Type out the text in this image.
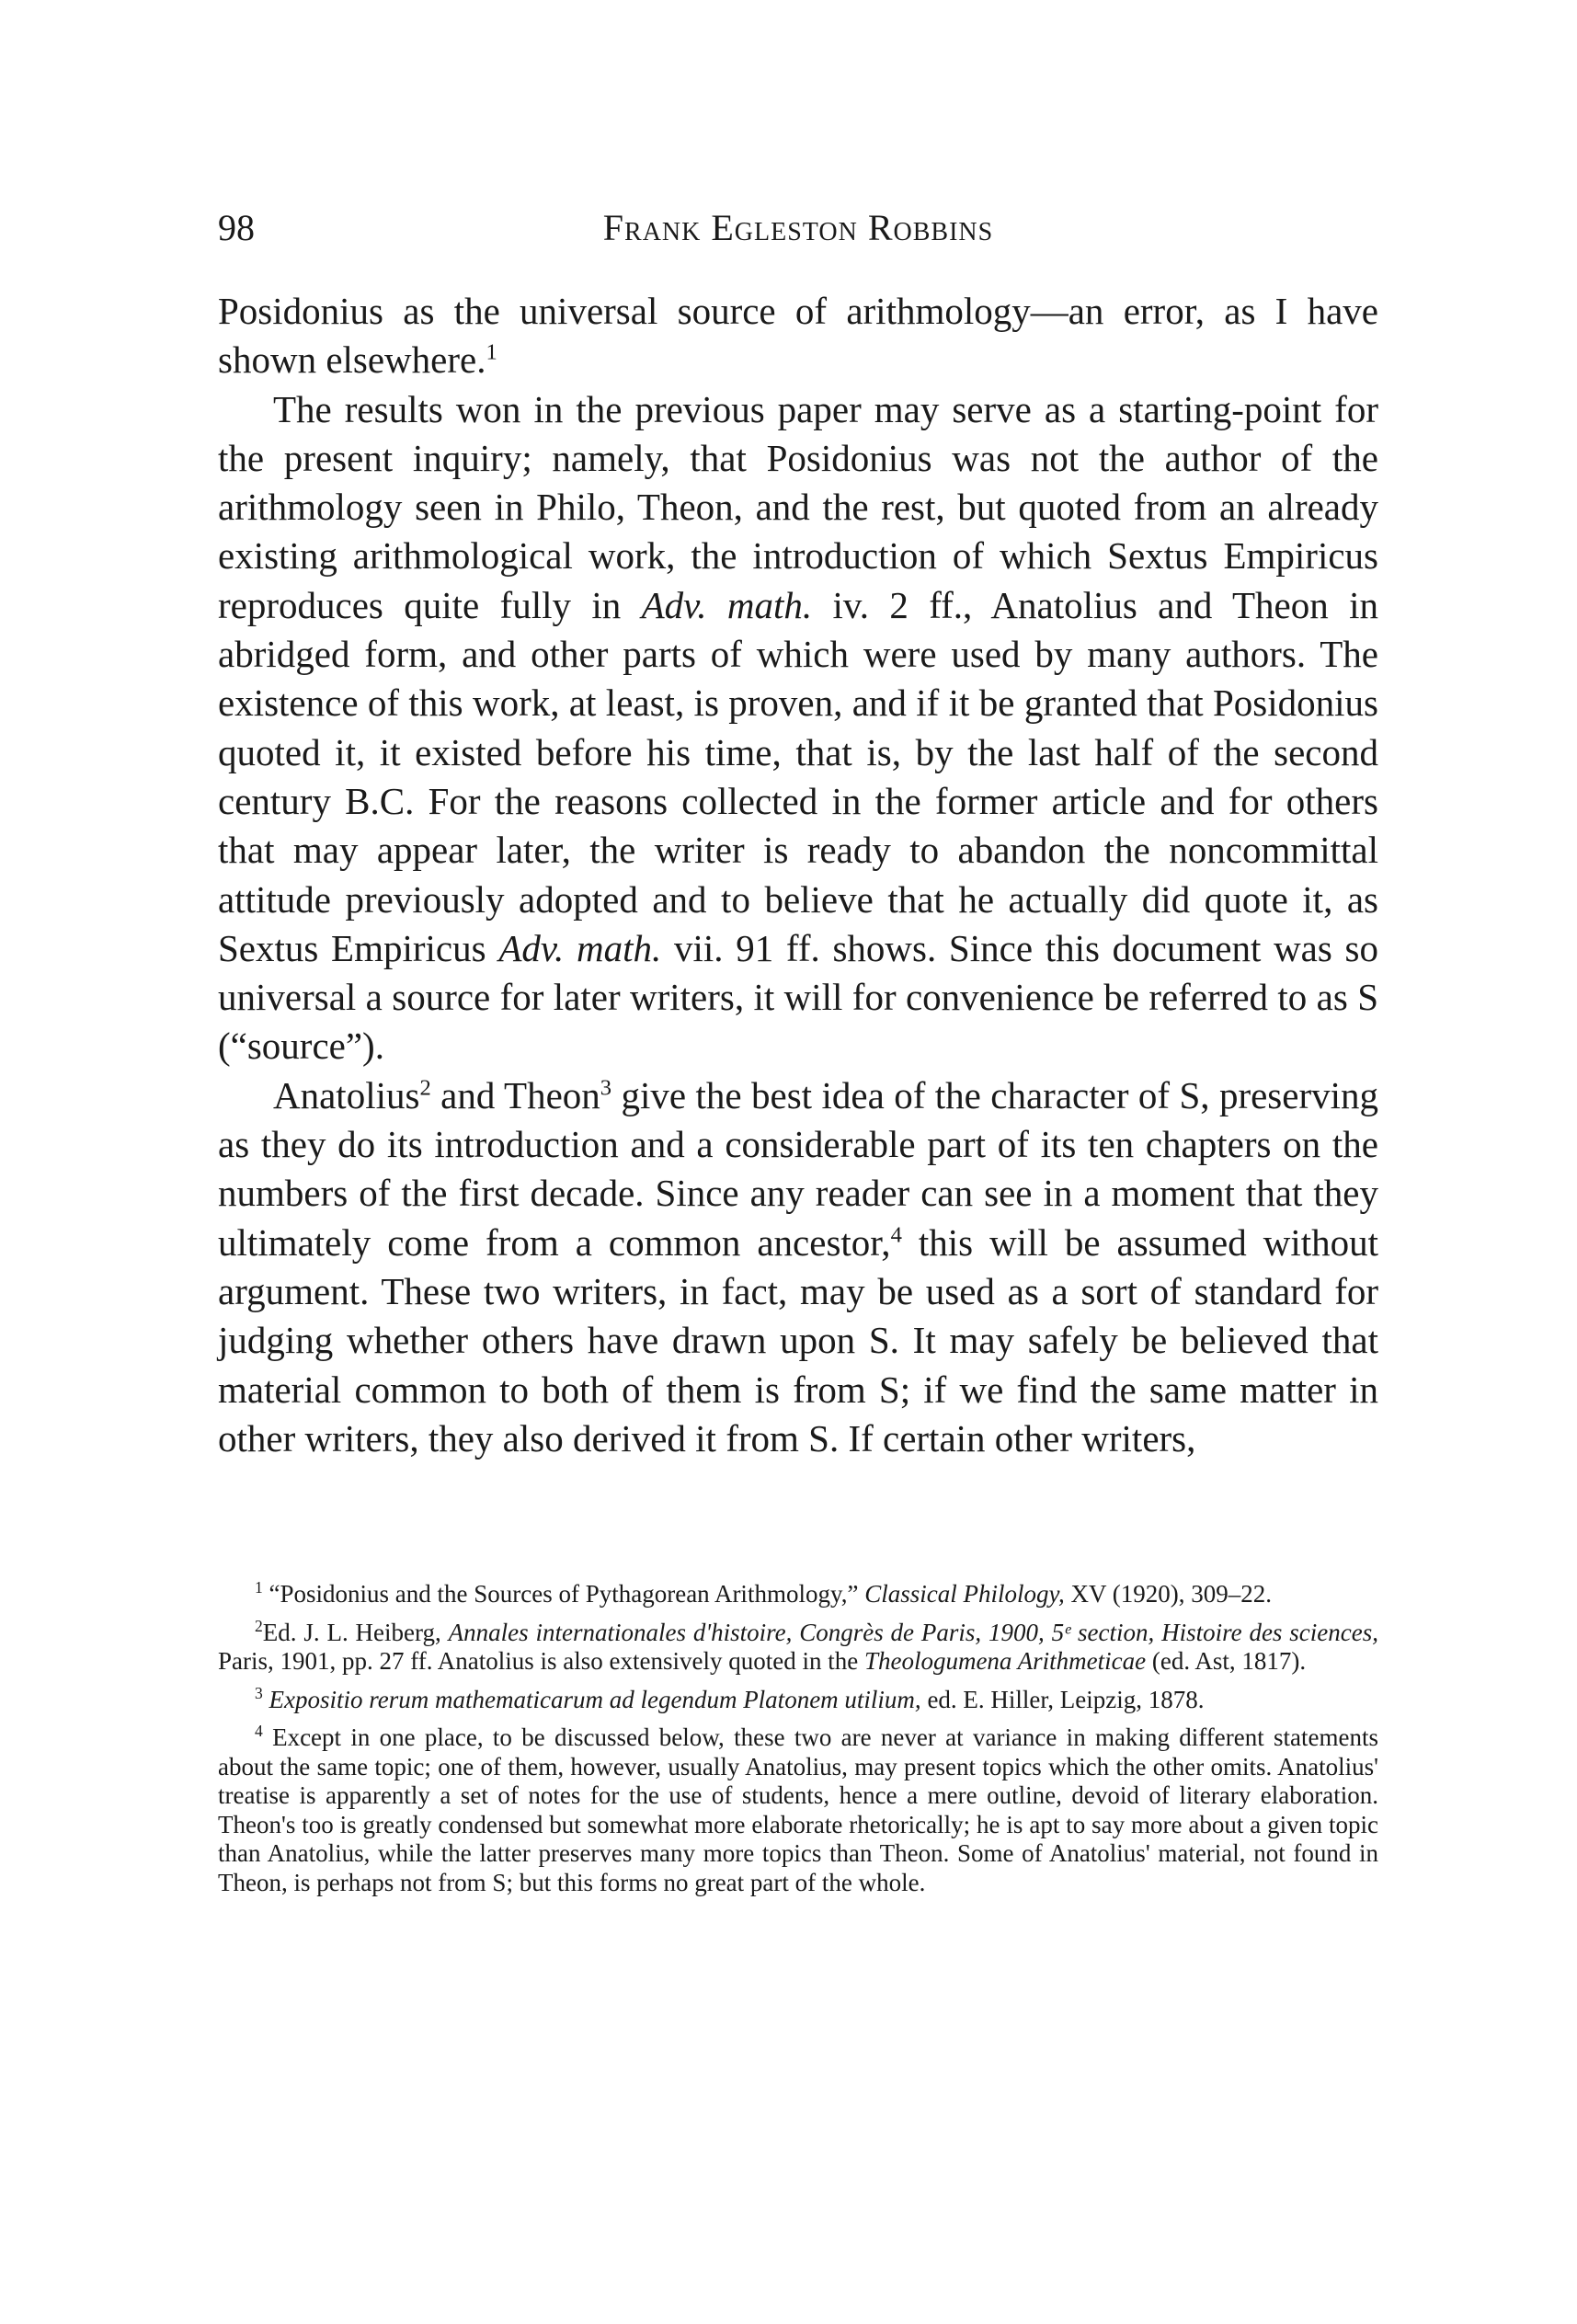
98	Frank Egleston Robbins

Posidonius as the universal source of arithmology—an error, as I have shown elsewhere.$^1$

The results won in the previous paper may serve as a starting-point for the present inquiry; namely, that Posidonius was not the author of the arithmology seen in Philo, Theon, and the rest, but quoted from an already existing arithmological work, the introduction of which Sextus Empiricus reproduces quite fully in Adv. math. iv. 2 ff., Anatolius and Theon in abridged form, and other parts of which were used by many authors. The existence of this work, at least, is proven, and if it be granted that Posidonius quoted it, it existed before his time, that is, by the last half of the second century B.C. For the reasons collected in the former article and for others that may appear later, the writer is ready to abandon the noncommittal attitude previously adopted and to believe that he actually did quote it, as Sextus Empiricus Adv. math. vii. 91 ff. shows. Since this document was so universal a source for later writers, it will for convenience be referred to as S (“source”).

Anatolius$^2$ and Theon$^3$ give the best idea of the character of S, preserving as they do its introduction and a considerable part of its ten chapters on the numbers of the first decade. Since any reader can see in a moment that they ultimately come from a common ancestor,$^4$ this will be assumed without argument. These two writers, in fact, may be used as a sort of standard for judging whether others have drawn upon S. It may safely be believed that material common to both of them is from S; if we find the same matter in other writers, they also derived it from S. If certain other writers,

$^1$ “Posidonius and the Sources of Pythagorean Arithmology,” Classical Philology, XV (1920), 309–22.

$^2$Ed. J. L. Heiberg, Annales internationales d'histoire, Congrès de Paris, 1900, 5ᵉ section, Histoire des sciences, Paris, 1901, pp. 27 ff. Anatolius is also extensively quoted in the Theologumena Arithmeticae (ed. Ast, 1817).

$^3$ Expositio rerum mathematicarum ad legendum Platonem utilium, ed. E. Hiller, Leipzig, 1878.

$^4$ Except in one place, to be discussed below, these two are never at variance in making different statements about the same topic; one of them, however, usually Anatolius, may present topics which the other omits. Anatolius' treatise is apparently a set of notes for the use of students, hence a mere outline, devoid of literary elaboration. Theon's too is greatly condensed but somewhat more elaborate rhetorically; he is apt to say more about a given topic than Anatolius, while the latter preserves many more topics than Theon. Some of Anatolius' material, not found in Theon, is perhaps not from S; but this forms no great part of the whole.
